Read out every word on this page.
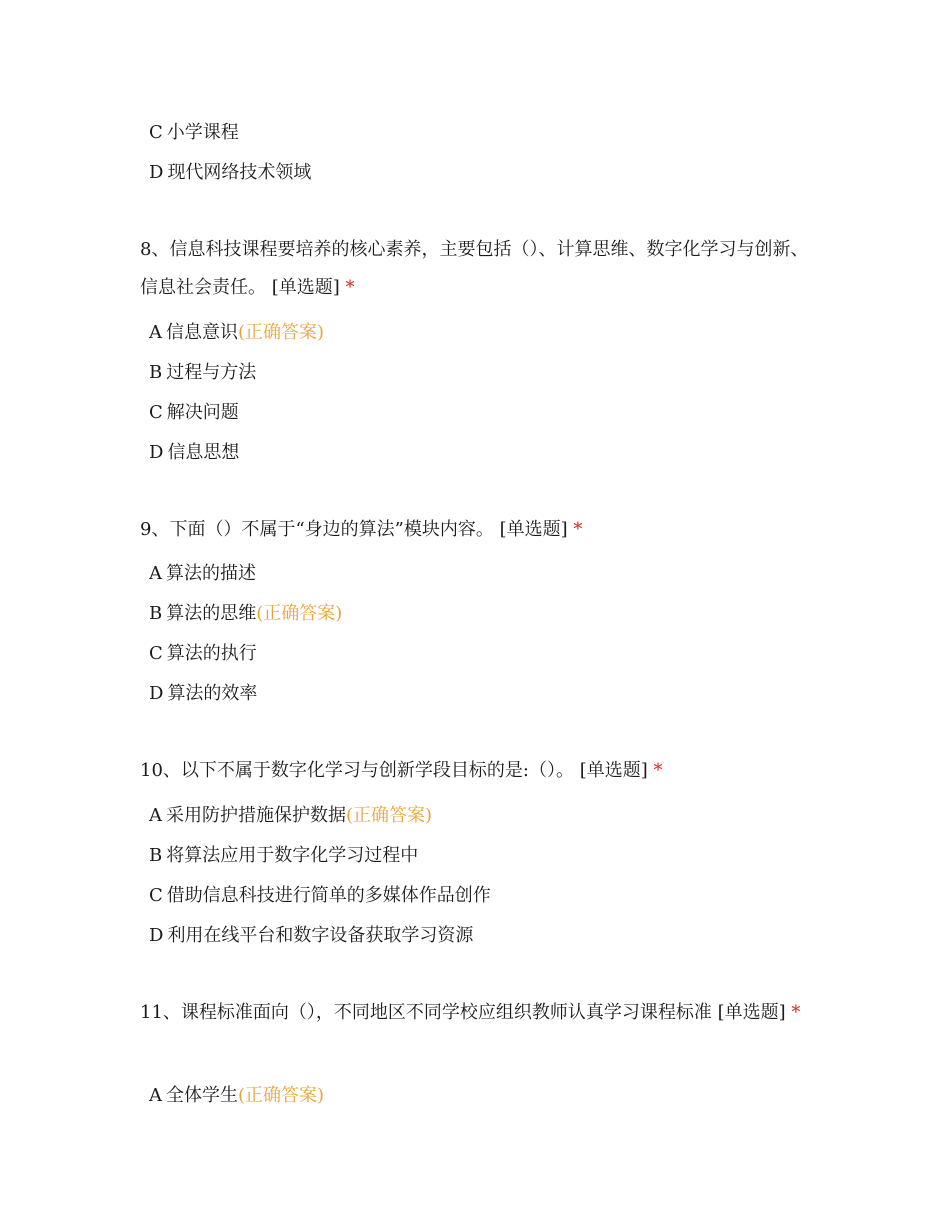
C 小学课程
D 现代网络技术领域

8、信息科技课程要培养的核心素养，主要包括（）、计算思维、数字化学习与创新、信息社会责任。 [单选题] *

A 信息意识(正确答案)
B 过程与方法
C 解决问题
D 信息思想

9、下面（）不属于“身边的算法”模块内容。 [单选题] *

A 算法的描述
B 算法的思维(正确答案)
C 算法的执行
D 算法的效率

10、以下不属于数字化学习与创新学段目标的是:（）。 [单选题] *

A 采用防护措施保护数据(正确答案)
B 将算法应用于数字化学习过程中
C 借助信息科技进行简单的多媒体作品创作
D 利用在线平台和数字设备获取学习资源

11、课程标准面向（），不同地区不同学校应组织教师认真学习课程标准 [单选题] *

A 全体学生(正确答案)
